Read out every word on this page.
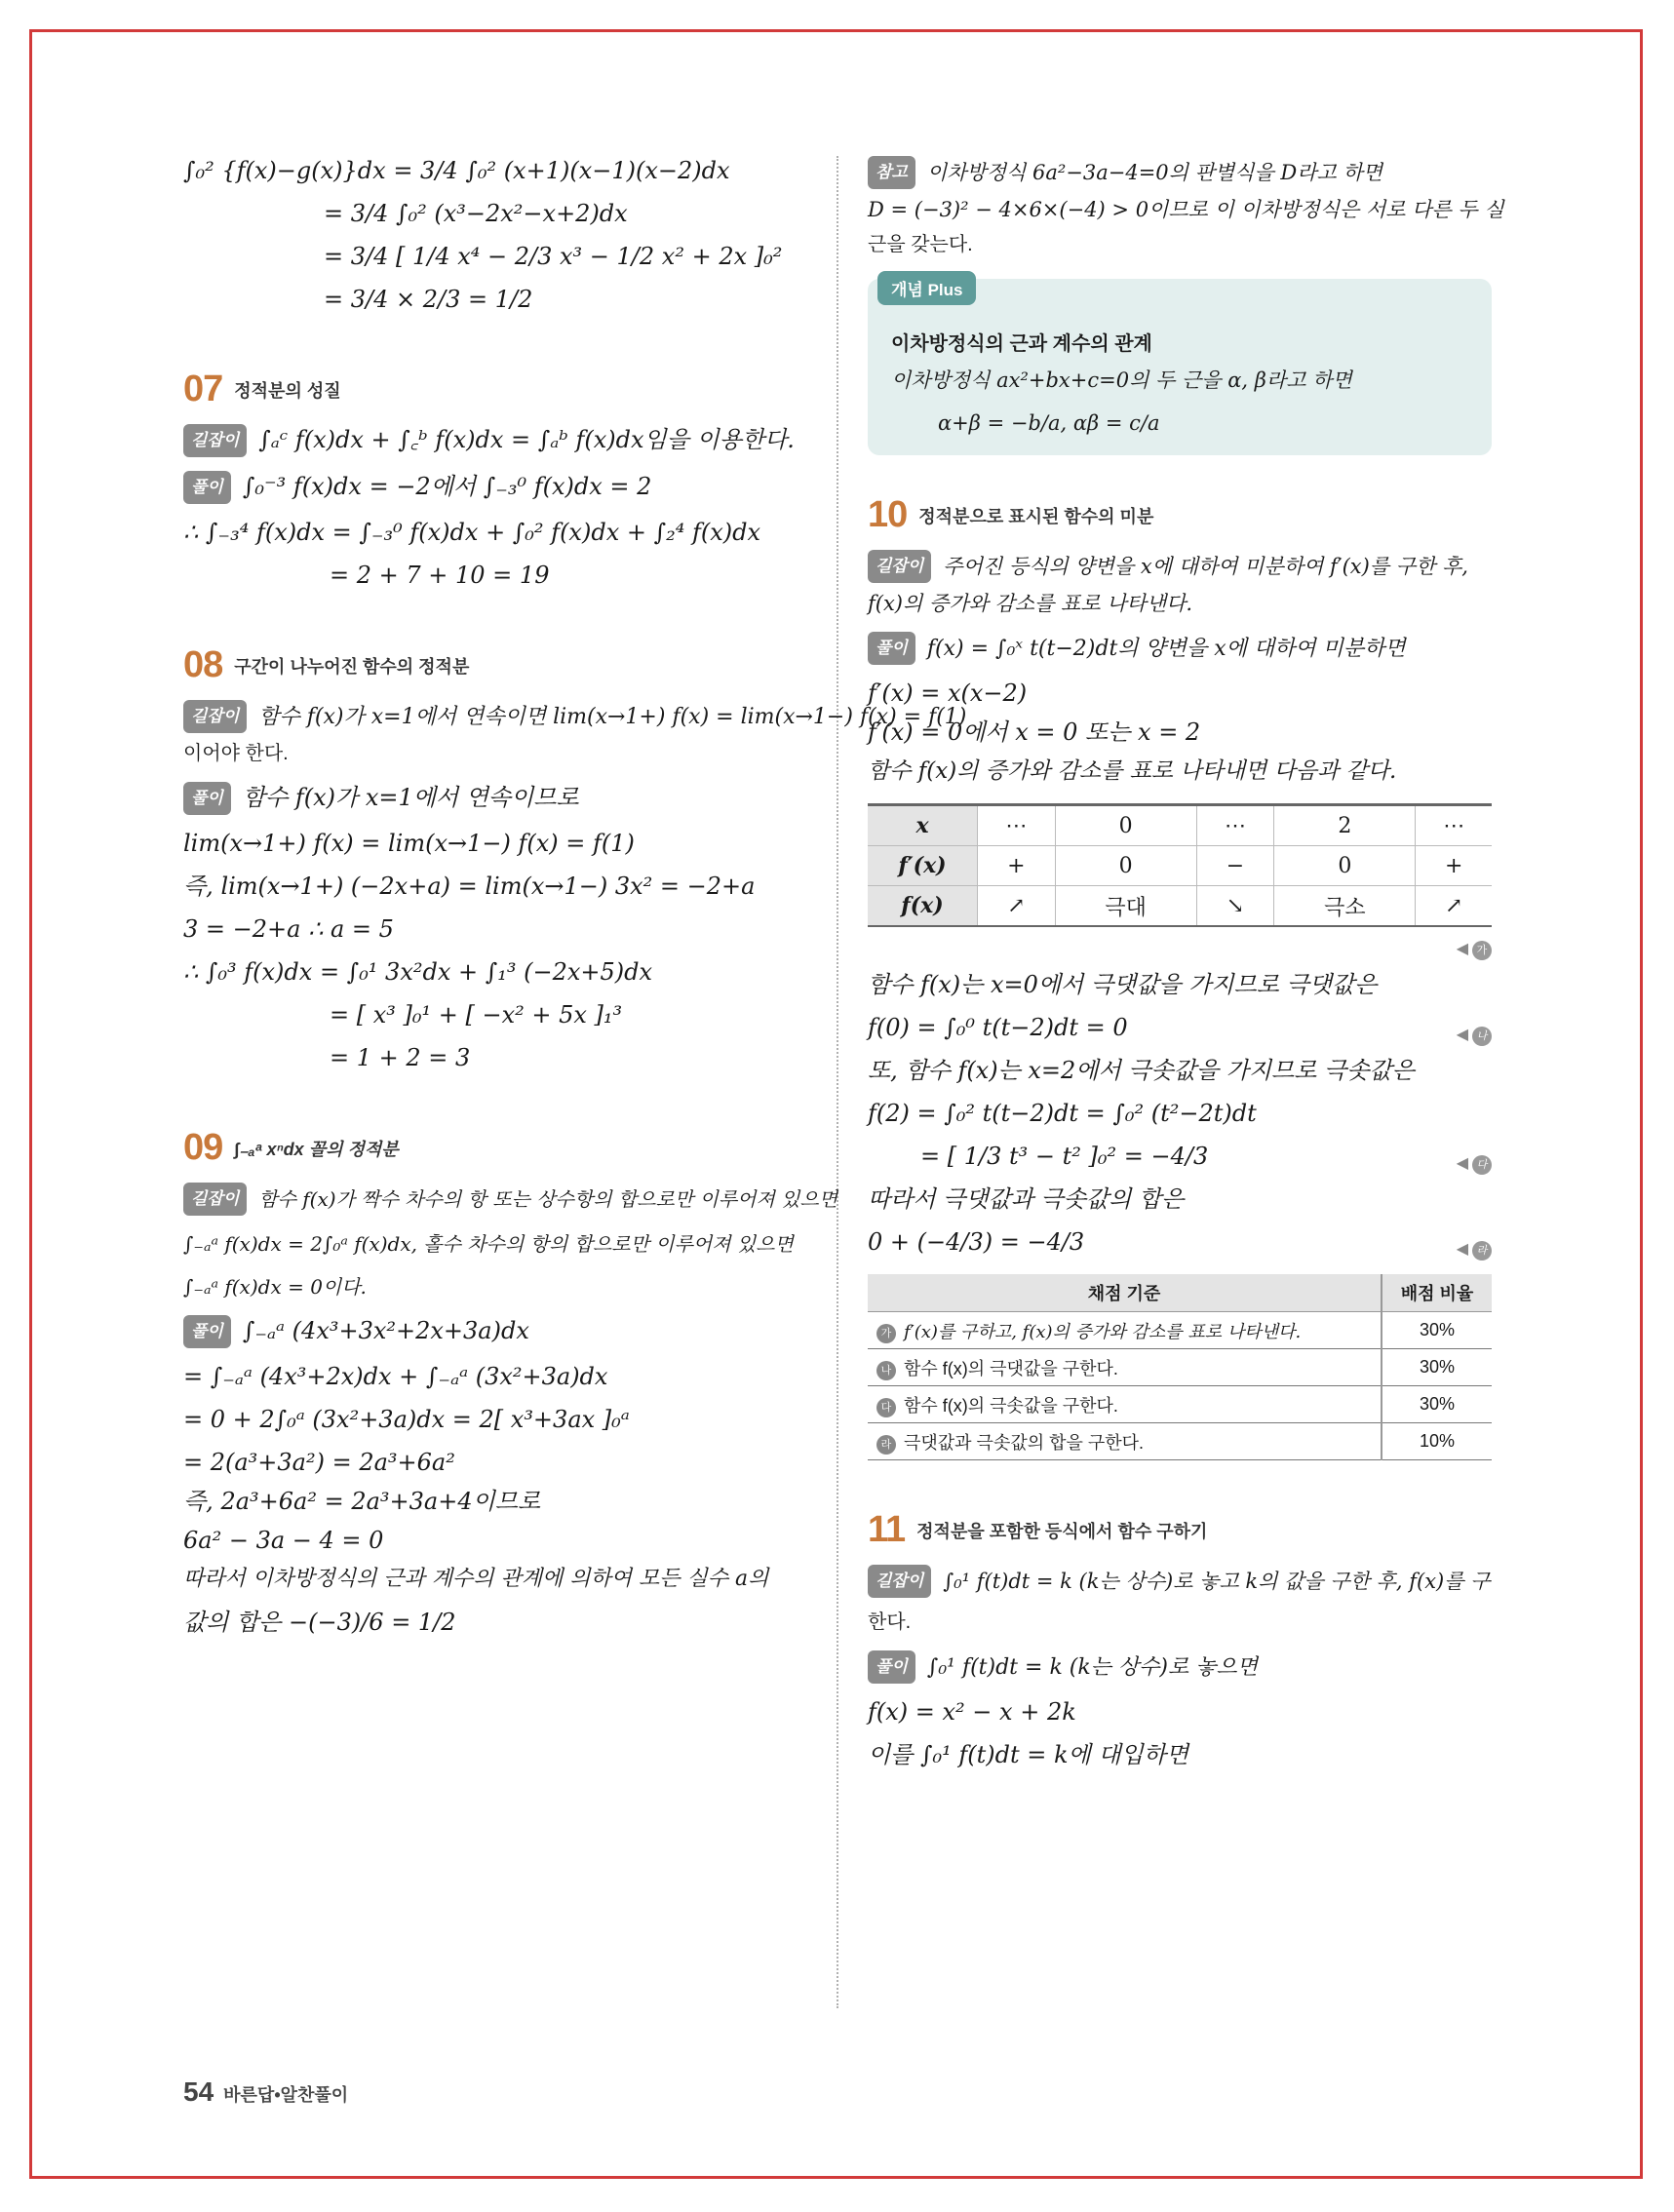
∫₀² {f(x)−g(x)}dx = 3/4 ∫₀² (x+1)(x−1)(x−2)dx

= 3/4 ∫₀² (x³−2x²−x+2)dx

= 3/4 [ 1/4 x⁴ − 2/3 x³ − 1/2 x² + 2x ]₀²

= 3/4 × 2/3 = 1/2

07 정적분의 성질

길잡이 ∫ₐᶜ f(x)dx + ∫꜀ᵇ f(x)dx = ∫ₐᵇ f(x)dx임을 이용한다.

풀이 ∫₀⁻³ f(x)dx = −2에서 ∫₋₃⁰ f(x)dx = 2

∴ ∫₋₃⁴ f(x)dx = ∫₋₃⁰ f(x)dx + ∫₀² f(x)dx + ∫₂⁴ f(x)dx

= 2 + 7 + 10 = 19

08 구간이 나누어진 함수의 정적분

길잡이 함수 f(x)가 x=1에서 연속이면 lim(x→1+) f(x) = lim(x→1−) f(x) = f(1)

이어야 한다.

풀이 함수 f(x)가 x=1에서 연속이므로

lim(x→1+) f(x) = lim(x→1−) f(x) = f(1)

즉, lim(x→1+) (−2x+a) = lim(x→1−) 3x² = −2+a

3 = −2+a ∴ a = 5

∴ ∫₀³ f(x)dx = ∫₀¹ 3x²dx + ∫₁³ (−2x+5)dx

= [ x³ ]₀¹ + [ −x² + 5x ]₁³

= 1 + 2 = 3

09 ∫₋ₐᵃ xⁿdx 꼴의 정적분

길잡이 함수 f(x)가 짝수 차수의 항 또는 상수항의 합으로만 이루어져 있으면

∫₋ₐᵃ f(x)dx = 2∫₀ᵃ f(x)dx, 홀수 차수의 항의 합으로만 이루어져 있으면

∫₋ₐᵃ f(x)dx = 0이다.

풀이 ∫₋ₐᵃ (4x³+3x²+2x+3a)dx

= ∫₋ₐᵃ (4x³+2x)dx + ∫₋ₐᵃ (3x²+3a)dx

= 0 + 2∫₀ᵃ (3x²+3a)dx = 2[ x³+3ax ]₀ᵃ

= 2(a³+3a²) = 2a³+6a²

즉, 2a³+6a² = 2a³+3a+4이므로

6a² − 3a − 4 = 0

따라서 이차방정식의 근과 계수의 관계에 의하여 모든 실수 a의

값의 합은 −(−3)/6 = 1/2

참고 이차방정식 6a²−3a−4=0의 판별식을 D라고 하면

D = (−3)² − 4×6×(−4) > 0이므로 이 이차방정식은 서로 다른 두 실

근을 갖는다.

개념 Plus

이차방정식의 근과 계수의 관계

이차방정식 ax²+bx+c=0의 두 근을 α, β라고 하면

α+β = −b/a, αβ = c/a

10 정적분으로 표시된 함수의 미분

길잡이 주어진 등식의 양변을 x에 대하여 미분하여 f′(x)를 구한 후,

f(x)의 증가와 감소를 표로 나타낸다.

풀이 f(x) = ∫₀ˣ t(t−2)dt의 양변을 x에 대하여 미분하면

f′(x) = x(x−2)

f′(x) = 0에서 x = 0 또는 x = 2

함수 f(x)의 증가와 감소를 표로 나타내면 다음과 같다.

x	⋯	0	⋯	2	⋯
f′(x)	+	0	−	0	+
f(x)	↗	극대	↘	극소	↗
◀ 가

함수 f(x)는 x=0에서 극댓값을 가지므로 극댓값은

f(0) = ∫₀⁰ t(t−2)dt = 0	◀ 나

또, 함수 f(x)는 x=2에서 극솟값을 가지므로 극솟값은

f(2) = ∫₀² t(t−2)dt = ∫₀² (t²−2t)dt

= [ 1/3 t³ − t² ]₀² = −4/3	◀ 다

따라서 극댓값과 극솟값의 합은

0 + (−4/3) = −4/3	◀ 라

채점 기준	배점 비율
가 f′(x)를 구하고, f(x)의 증가와 감소를 표로 나타낸다.	30%
나 함수 f(x)의 극댓값을 구한다.	30%
다 함수 f(x)의 극솟값을 구한다.	30%
라 극댓값과 극솟값의 합을 구한다.	10%
11 정적분을 포함한 등식에서 함수 구하기

길잡이 ∫₀¹ f(t)dt = k (k는 상수)로 놓고 k의 값을 구한 후, f(x)를 구

한다.

풀이 ∫₀¹ f(t)dt = k (k는 상수)로 놓으면

f(x) = x² − x + 2k

이를 ∫₀¹ f(t)dt = k에 대입하면

54 바른답•알찬풀이
